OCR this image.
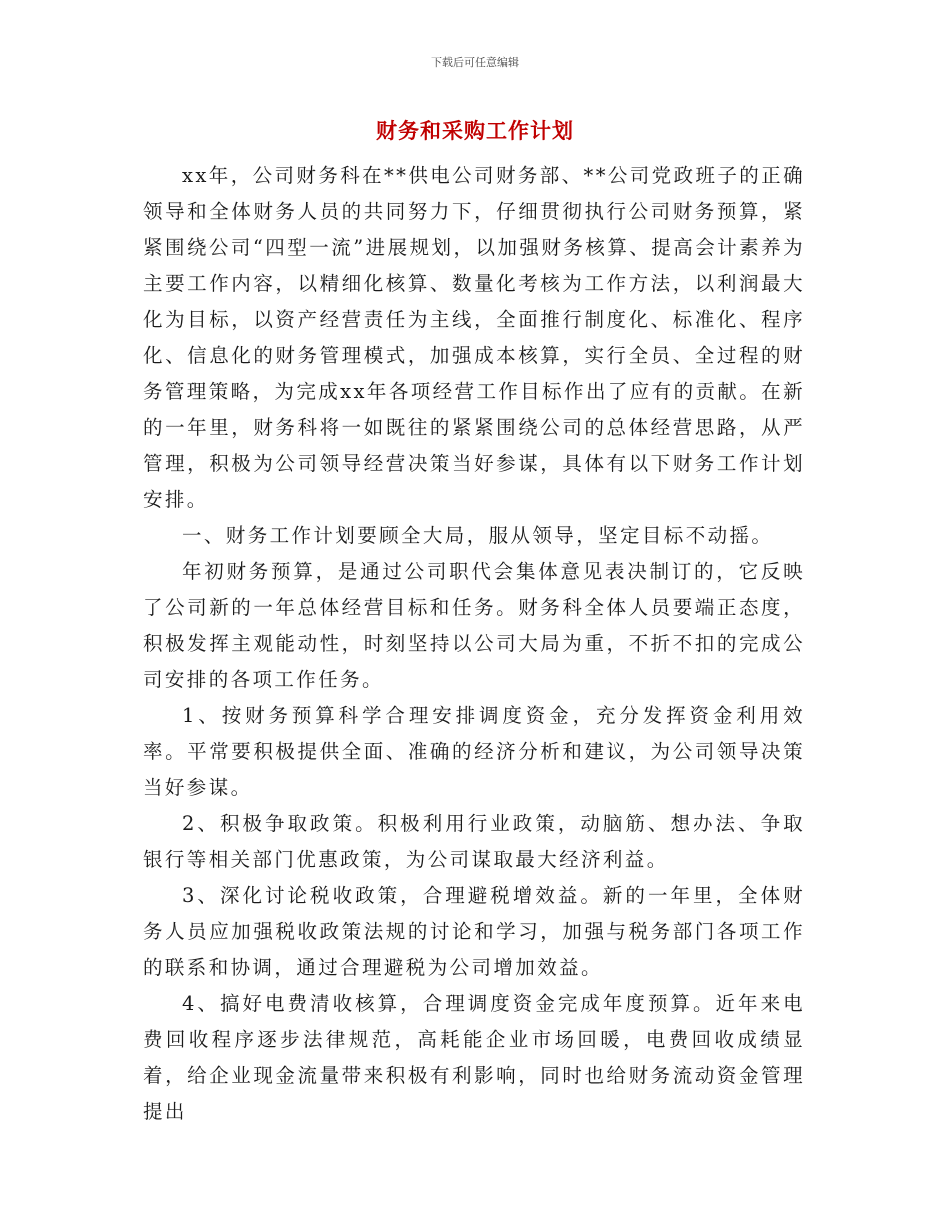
下载后可任意编辑
财务和采购工作计划

xx年，公司财务科在**供电公司财务部、**公司党政班子的正确领导和全体财务人员的共同努力下，仔细贯彻执行公司财务预算，紧紧围绕公司“四型一流”进展规划，以加强财务核算、提高会计素养为主要工作内容，以精细化核算、数量化考核为工作方法，以利润最大化为目标，以资产经营责任为主线，全面推行制度化、标准化、程序化、信息化的财务管理模式，加强成本核算，实行全员、全过程的财务管理策略，为完成xx年各项经营工作目标作出了应有的贡献。在新的一年里，财务科将一如既往的紧紧围绕公司的总体经营思路，从严管理，积极为公司领导经营决策当好参谋，具体有以下财务工作计划安排。

一、财务工作计划要顾全大局，服从领导，坚定目标不动摇。

年初财务预算，是通过公司职代会集体意见表决制订的，它反映了公司新的一年总体经营目标和任务。财务科全体人员要端正态度，积极发挥主观能动性，时刻坚持以公司大局为重，不折不扣的完成公司安排的各项工作任务。

1、按财务预算科学合理安排调度资金，充分发挥资金利用效率。平常要积极提供全面、准确的经济分析和建议，为公司领导决策当好参谋。

2、积极争取政策。积极利用行业政策，动脑筋、想办法、争取银行等相关部门优惠政策，为公司谋取最大经济利益。

3、深化讨论税收政策，合理避税增效益。新的一年里，全体财务人员应加强税收政策法规的讨论和学习，加强与税务部门各项工作的联系和协调，通过合理避税为公司增加效益。

4、搞好电费清收核算，合理调度资金完成年度预算。近年来电费回收程序逐步法律规范，高耗能企业市场回暖，电费回收成绩显着，给企业现金流量带来积极有利影响，同时也给财务流动资金管理提出
